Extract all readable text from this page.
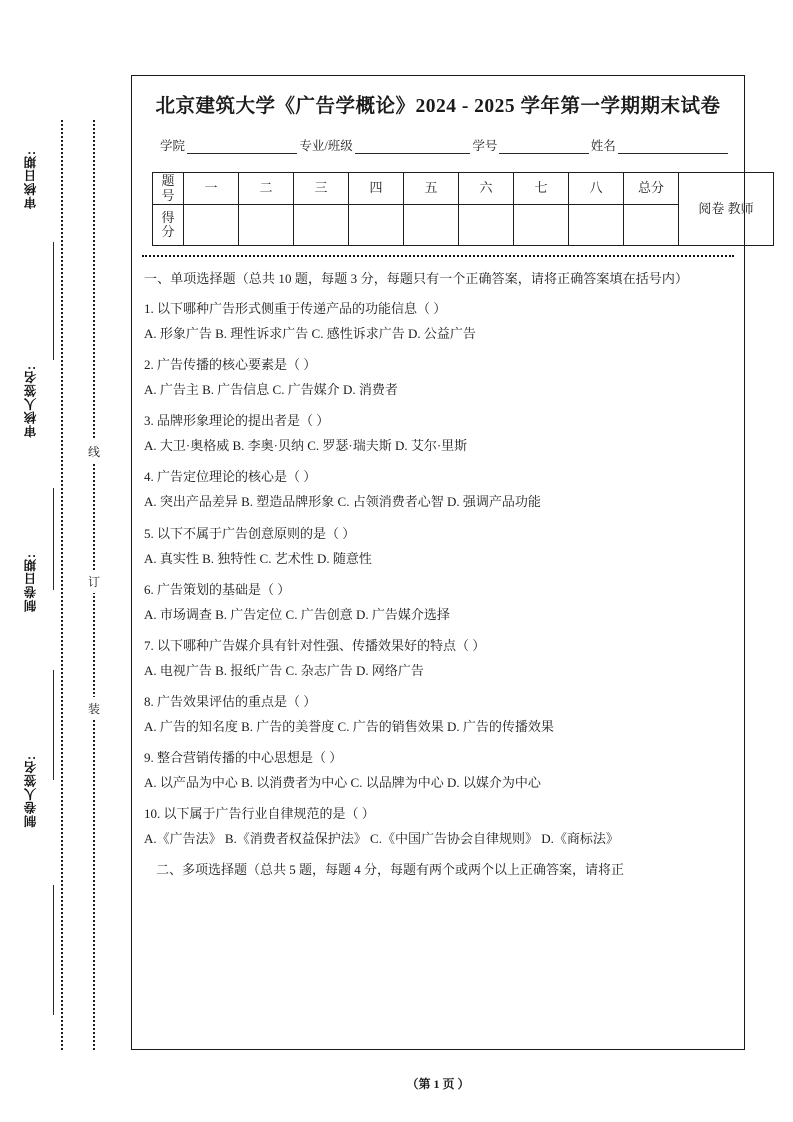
审核日期:
审核人签名:
制卷日期:
制卷人签名:
线
订
装
北京建筑大学《广告学概论》2024 - 2025 学年第一学期期末试卷
学院	专业/班级	学号	姓名
题
号	一	二	三	四	五	六	七	八	总分	阅卷 教师

得
分										

一、单项选择题（总共 10 题，每题 3 分，每题只有一个正确答案，请将正确答案填在括号内）
1. 以下哪种广告形式侧重于传递产品的功能信息（ ）
A. 形象广告 B. 理性诉求广告 C. 感性诉求广告 D. 公益广告
2. 广告传播的核心要素是（ ）
A. 广告主 B. 广告信息 C. 广告媒介 D. 消费者
3. 品牌形象理论的提出者是（ ）
A. 大卫·奥格威 B. 李奥·贝纳 C. 罗瑟·瑞夫斯 D. 艾尔·里斯
4. 广告定位理论的核心是（ ）
A. 突出产品差异 B. 塑造品牌形象 C. 占领消费者心智 D. 强调产品功能
5. 以下不属于广告创意原则的是（ ）
A. 真实性 B. 独特性 C. 艺术性 D. 随意性
6. 广告策划的基础是（ ）
A. 市场调查 B. 广告定位 C. 广告创意 D. 广告媒介选择
7. 以下哪种广告媒介具有针对性强、传播效果好的特点（ ）
A. 电视广告 B. 报纸广告 C. 杂志广告 D. 网络广告
8. 广告效果评估的重点是（ ）
A. 广告的知名度 B. 广告的美誉度 C. 广告的销售效果 D. 广告的传播效果
9. 整合营销传播的中心思想是（ ）
A. 以产品为中心 B. 以消费者为中心 C. 以品牌为中心 D. 以媒介为中心
10. 以下属于广告行业自律规范的是（ ）
A.《广告法》 B.《消费者权益保护法》 C.《中国广告协会自律规则》 D.《商标法》
二、多项选择题（总共 5 题，每题 4 分，每题有两个或两个以上正确答案，请将正
（第 1 页 ）
